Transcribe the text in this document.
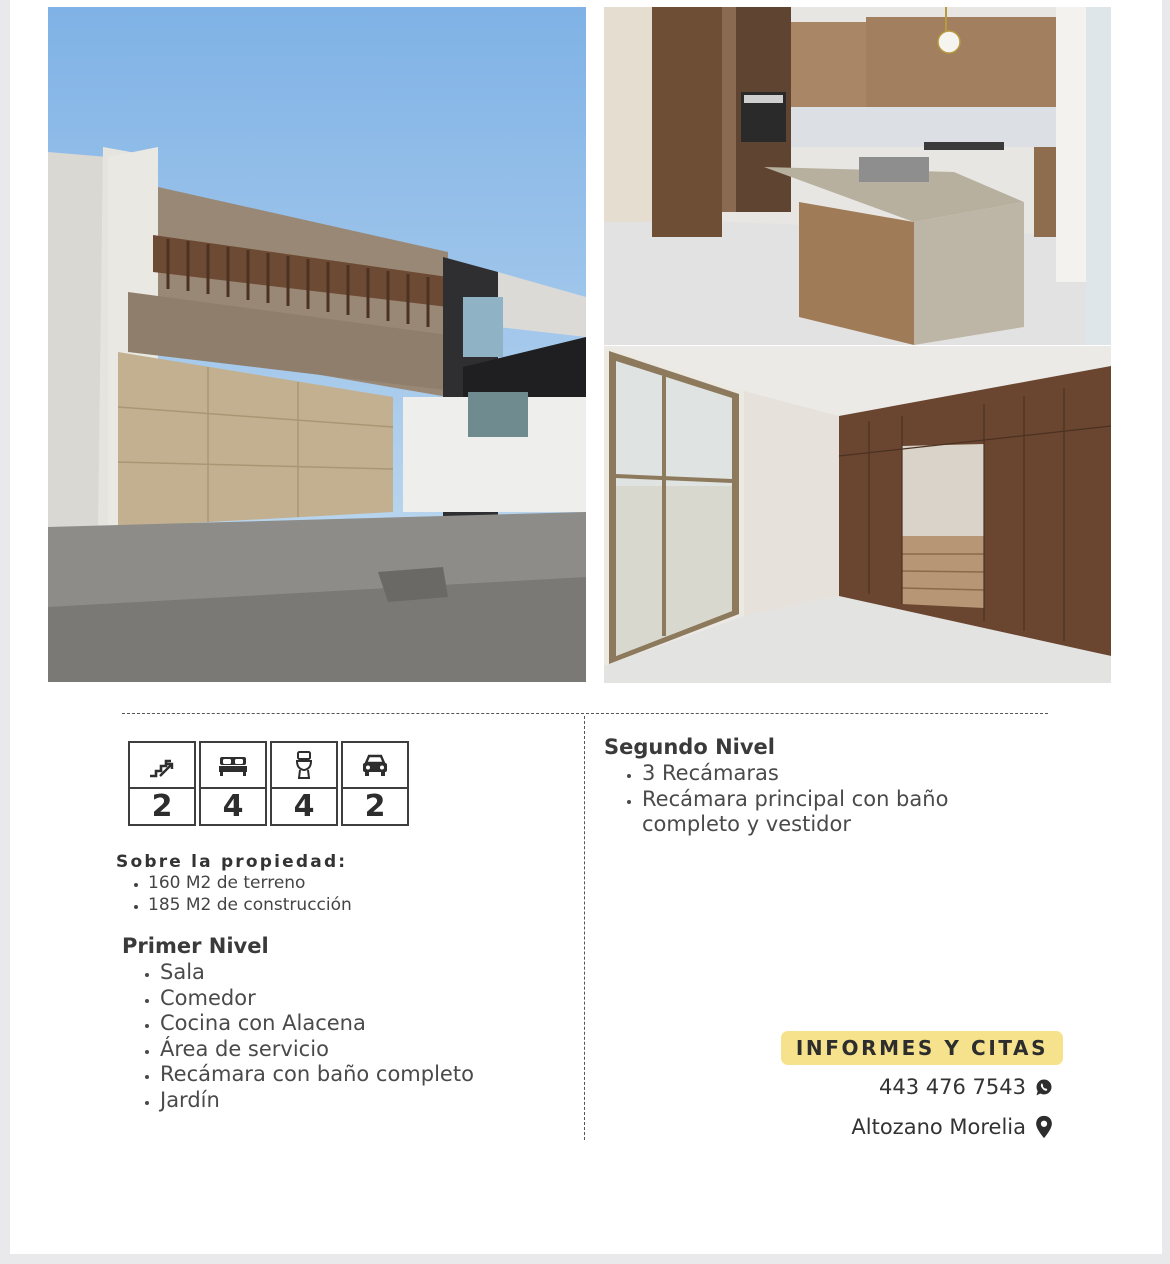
2	4	4	2
Sobre la propiedad:
• 160 M2 de terreno
• 185 M2 de construcción
Primer Nivel
• Sala
• Comedor
• Cocina con Alacena
• Área de servicio
• Recámara con baño completo
• Jardín
Segundo Nivel
• 3 Recámaras
• Recámara principal con baño completo y vestidor
INFORMES Y CITAS
443 476 7543
Altozano Morelia
